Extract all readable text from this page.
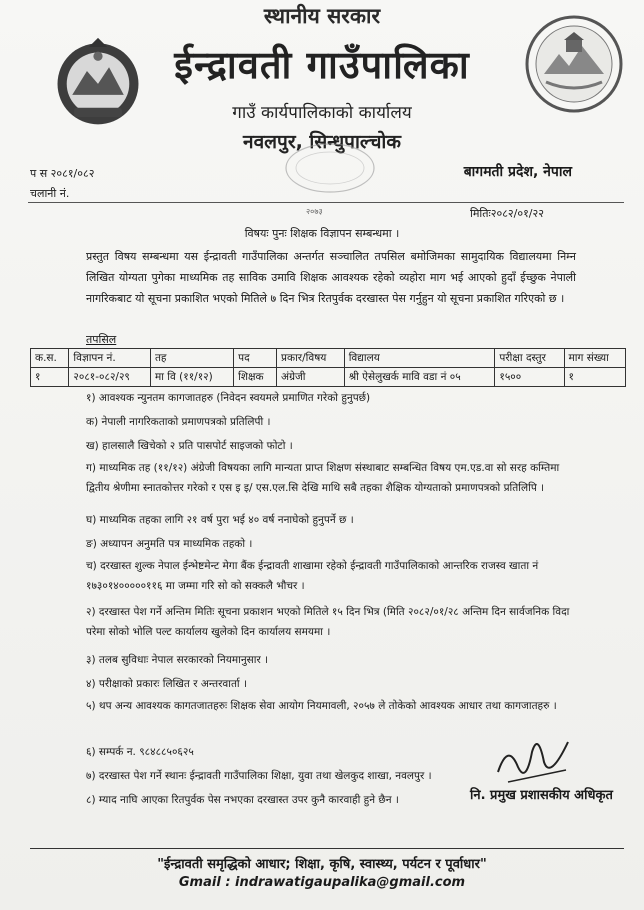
स्थानीय सरकार
ईन्द्रावती गाउँपालिका
गाउँ कार्यपालिकाको कार्यालय
नवलपुर, सिन्धुपाल्चोक
प स २०८१/०८२
चलानी नं.
बागमती प्रदेश, नेपाल
२०७३	मितिः२०८२/०१/२२
विषयः पुनः शिक्षक विज्ञापन सम्बन्धमा ।
प्रस्तुत विषय सम्बन्धमा यस ईन्द्रावती गाउँपालिका अन्तर्गत सञ्चालित तपसिल बमोजिमका सामुदायिक विद्यालयमा निम्न लिखित योग्यता पुगेका माध्यमिक तह साविक उमावि शिक्षक आवश्यक रहेको व्यहोरा माग भई आएको हुदाँ ईच्छुक नेपाली नागरिकबाट यो सूचना प्रकाशित भएको मितिले ७ दिन भित्र रितपुर्वक दरखास्त पेस गर्नुहुन यो सूचना प्रकाशित गरिएको छ ।
तपसिल
क.स.	विज्ञापन नं.	तह	पद	प्रकार/विषय	विद्यालय	परीक्षा दस्तुर	माग संख्या
१	२०८१-०८२/२९	मा वि (११/१२)	शिक्षक	अंग्रेजी	श्री ऐसेलुखर्क मावि वडा नं ०५	१५००	१
१) आवश्यक न्युनतम कागजातहरु (निवेदन स्वयमले प्रमाणित गरेको हुनुपर्छ)
क) नेपाली नागरिकताको प्रमाणपत्रको प्रतिलिपी ।
ख) हालसालै खिचेको २ प्रति पासपोर्ट साइजको फोटो ।
ग) माध्यमिक तह (११/१२) अंग्रेजी विषयका लागि मान्यता प्राप्त शिक्षण संस्थाबाट सम्बन्धित विषय एम.एड.वा सो सरह कम्तिमा द्वितीय श्रेणीमा स्नातकोत्तर गरेको र एस इ इ/ एस.एल.सि देखि माथि सबै तहका शैक्षिक योग्यताको प्रमाणपत्रको प्रतिलिपि ।
घ) माध्यमिक तहका लागि २१ वर्ष पुरा भई ४० वर्ष ननाघेको हुनुपर्ने छ ।
ङ) अध्यापन अनुमति पत्र माध्यमिक तहको ।
च) दरखास्त शुल्क नेपाल ईन्भेष्टमेन्ट मेगा बैंक ईन्द्रावती शाखामा रहेको ईन्द्रावती गाउँपालिकाको आन्तरिक राजस्व खाता नं १७३०१४०००००११६ मा जम्मा गरि सो को सक्कलै भौचर ।
२) दरखास्त पेश गर्ने अन्तिम मितिः सूचना प्रकाशन भएको मितिले १५ दिन भित्र (मिति २०८२/०१/२८ अन्तिम दिन सार्वजनिक विदा परेमा सोको भोलि पल्ट कार्यालय खुलेको दिन कार्यालय समयमा ।
३) तलब सुविधाः नेपाल सरकारको नियमानुसार ।
४) परीक्षाको प्रकारः लिखित र अन्तरवार्ता ।
५) थप अन्य आवश्यक कागतजातहरुः शिक्षक सेवा आयोग नियमावली, २०५७ ले तोकेको आवश्यक आधार तथा कागजातहरु ।
६) सम्पर्क न. ९८४८८५०६२५
७) दरखास्त पेश गर्ने स्थानः ईन्द्रावती गाउँपालिका शिक्षा, युवा तथा खेलकुद शाखा, नवलपुर ।
८) म्याद नाघि आएका रितपुर्वक पेस नभएका दरखास्त उपर कुनै कारवाही हुने छैन ।	नि. प्रमुख प्रशासकीय अधिकृत
"ईन्द्रावती समृद्धिको आधार; शिक्षा, कृषि, स्वास्थ्य, पर्यटन र पूर्वाधार"
Gmail : indrawatigaupalika@gmail.com
